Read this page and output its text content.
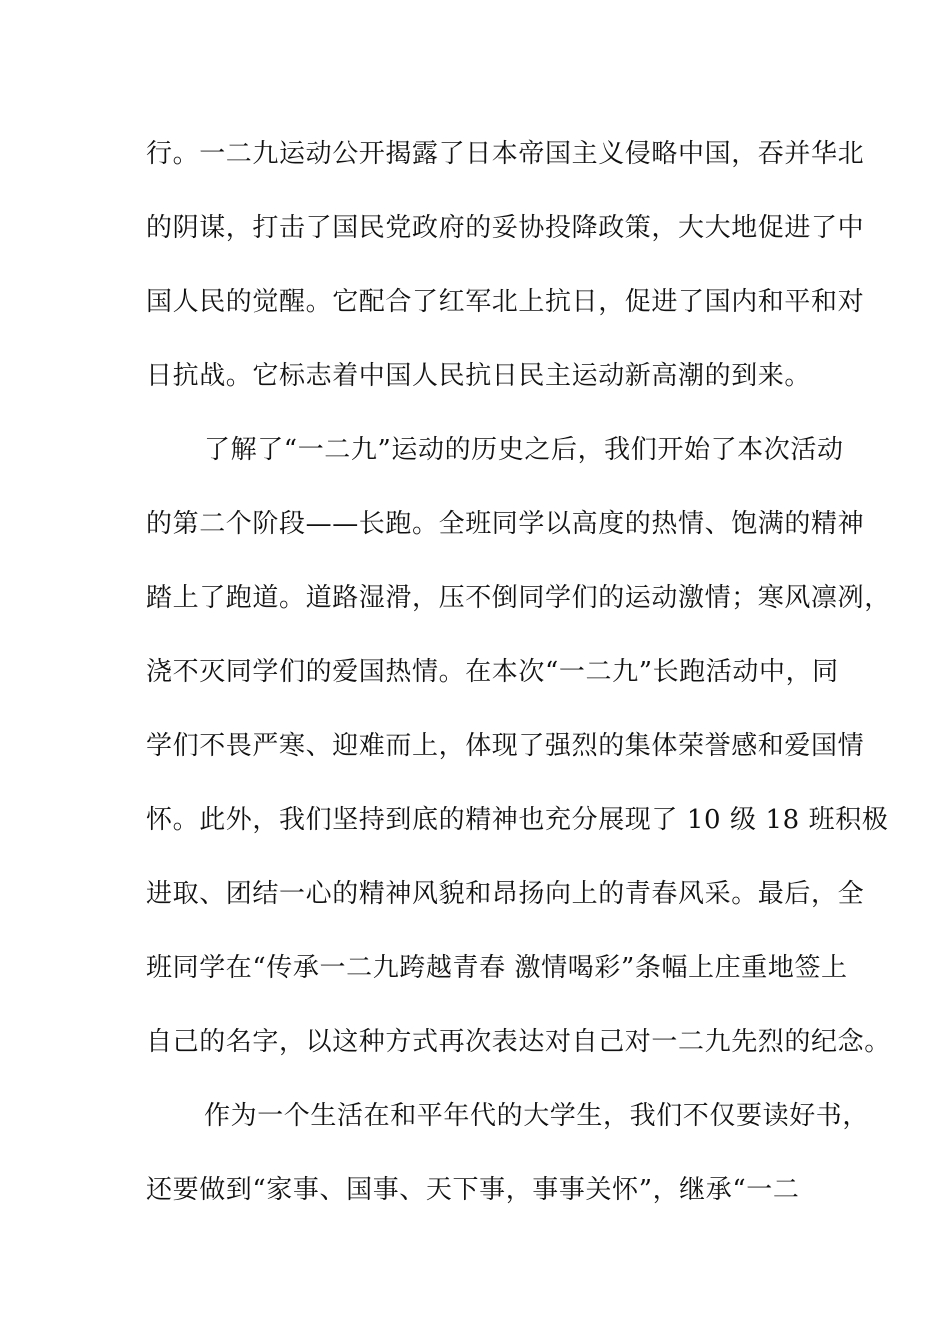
行。一二九运动公开揭露了日本帝国主义侵略中国，吞并华北
的阴谋，打击了国民党政府的妥协投降政策，大大地促进了中
国人民的觉醒。它配合了红军北上抗日，促进了国内和平和对
日抗战。它标志着中国人民抗日民主运动新高潮的到来。
了解了“一二九”运动的历史之后，我们开始了本次活动
的第二个阶段——长跑。全班同学以高度的热情、饱满的精神
踏上了跑道。道路湿滑，压不倒同学们的运动激情；寒风凛冽，
浇不灭同学们的爱国热情。在本次“一二九”长跑活动中，同
学们不畏严寒、迎难而上，体现了强烈的集体荣誉感和爱国情
怀。此外，我们坚持到底的精神也充分展现了 10 级 18 班积极
进取、团结一心的精神风貌和昂扬向上的青春风采。最后，全
班同学在“传承一二九跨越青春 激情喝彩”条幅上庄重地签上
自己的名字，以这种方式再次表达对自己对一二九先烈的纪念。
作为一个生活在和平年代的大学生，我们不仅要读好书，
还要做到“家事、国事、天下事，事事关怀”，继承“一二
